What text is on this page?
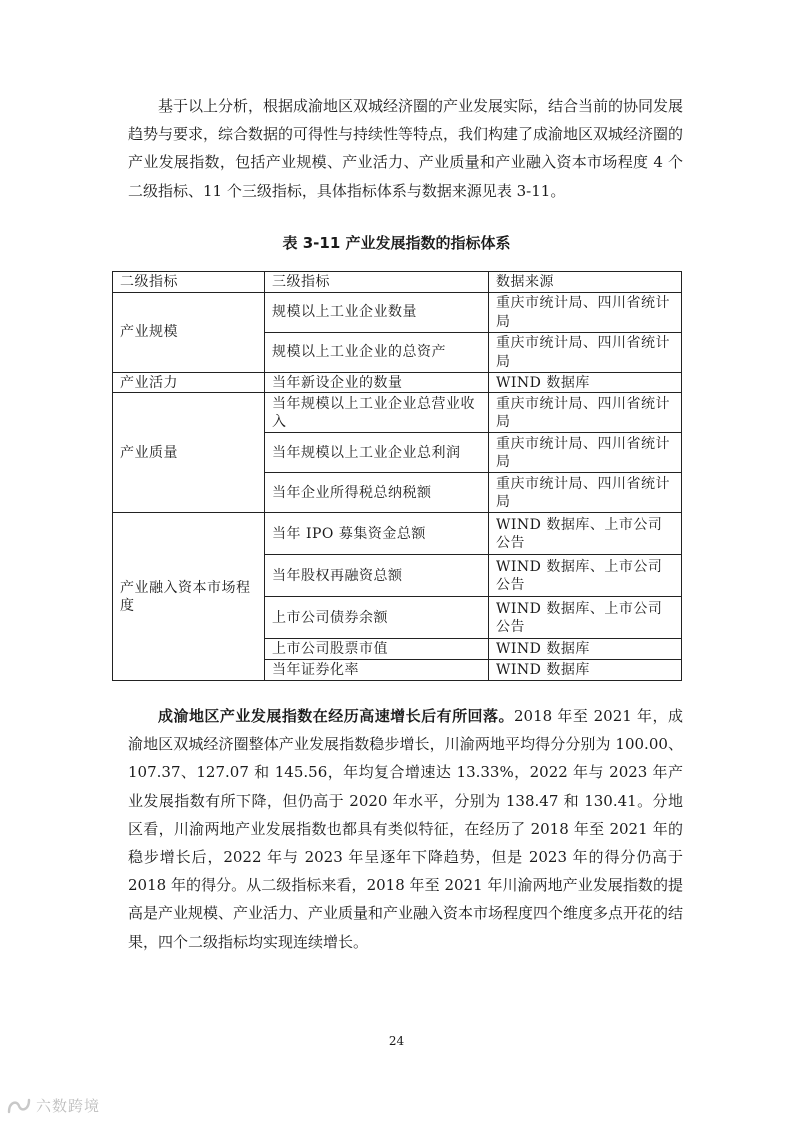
基于以上分析，根据成渝地区双城经济圈的产业发展实际，结合当前的协同发展趋势与要求，综合数据的可得性与持续性等特点，我们构建了成渝地区双城经济圈的产业发展指数，包括产业规模、产业活力、产业质量和产业融入资本市场程度 4 个二级指标、11 个三级指标，具体指标体系与数据来源见表 3-11。

表 3-11 产业发展指数的指标体系
二级指标	三级指标	数据来源
产业规模	规模以上工业企业数量	重庆市统计局、四川省统计局
	规模以上工业企业的总资产	重庆市统计局、四川省统计局
产业活力	当年新设企业的数量	WIND 数据库
产业质量	当年规模以上工业企业总营业收入	重庆市统计局、四川省统计局
	当年规模以上工业企业总利润	重庆市统计局、四川省统计局
	当年企业所得税总纳税额	重庆市统计局、四川省统计局
产业融入资本市场程度	当年 IPO 募集资金总额	WIND 数据库、上市公司公告
	当年股权再融资总额	WIND 数据库、上市公司公告
	上市公司债券余额	WIND 数据库、上市公司公告
	上市公司股票市值	WIND 数据库
	当年证券化率	WIND 数据库

成渝地区产业发展指数在经历高速增长后有所回落。2018 年至 2021 年，成渝地区双城经济圈整体产业发展指数稳步增长，川渝两地平均得分分别为 100.00、107.37、127.07 和 145.56，年均复合增速达 13.33%，2022 年与 2023 年产业发展指数有所下降，但仍高于 2020 年水平，分别为 138.47 和 130.41。分地区看，川渝两地产业发展指数也都具有类似特征，在经历了 2018 年至 2021 年的稳步增长后，2022 年与 2023 年呈逐年下降趋势，但是 2023 年的得分仍高于 2018 年的得分。从二级指标来看，2018 年至 2021 年川渝两地产业发展指数的提高是产业规模、产业活力、产业质量和产业融入资本市场程度四个维度多点开花的结果，四个二级指标均实现连续增长。

24
六数跨境
